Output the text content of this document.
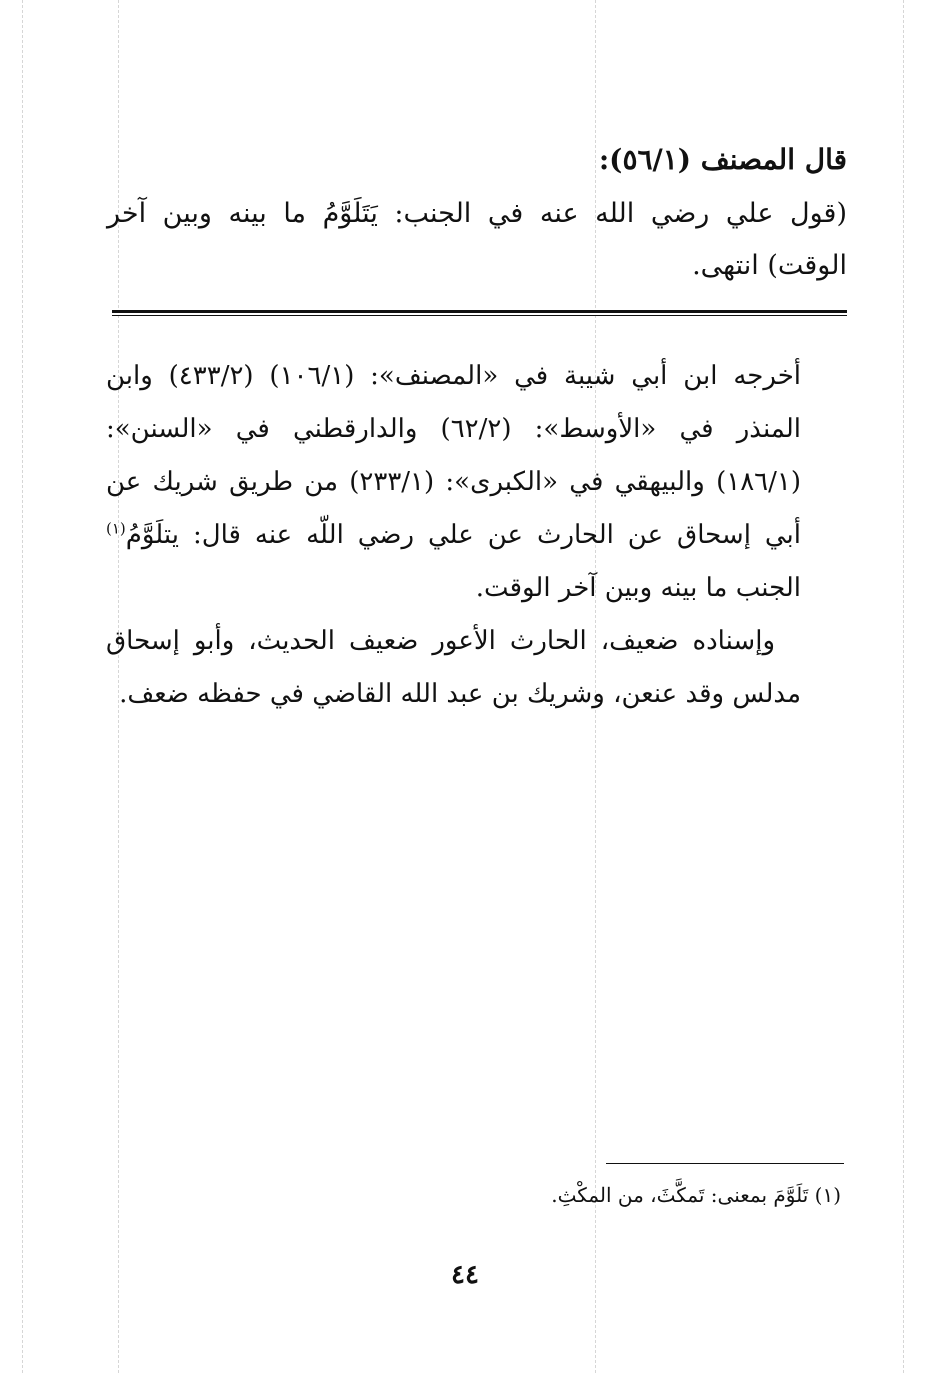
قال المصنف (٥٦/١):
(قول علي رضي الله عنه في الجنب: يَتَلَوَّمُ ما بينه وبين آخر الوقت) انتهى.

أخرجه ابن أبي شيبة في «المصنف»: (١٠٦/١) (٤٣٣/٢) وابن المنذر في «الأوسط»: (٦٢/٢) والدارقطني في «السنن»: (١٨٦/١) والبيهقي في «الكبرى»: (٢٣٣/١) من طريق شريك عن أبي إسحاق عن الحارث عن علي رضي اللّه عنه قال: يتلَوَّمُ$^{(١)}$ الجنب ما بينه وبين آخر الوقت.

وإسناده ضعيف، الحارث الأعور ضعيف الحديث، وأبو إسحاق مدلس وقد عنعن، وشريك بن عبد الله القاضي في حفظه ضعف.

(١) تَلَوَّمَ بمعنى: تَمكَّثَ، من المكْثِ.
٤٤
